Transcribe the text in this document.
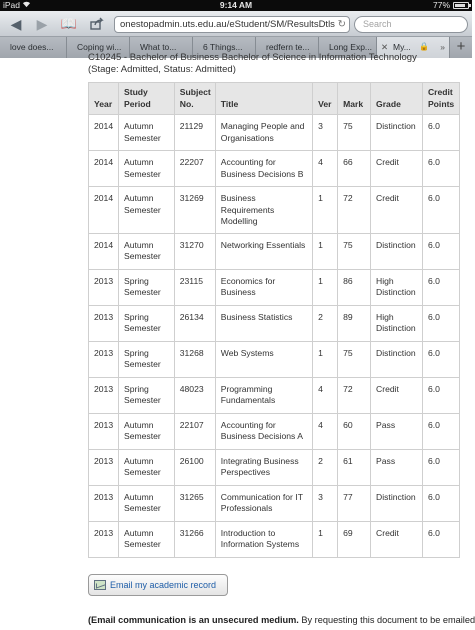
iPad	9:14 AM	77%
◀ ▶ 📖	onestopadmin.uts.edu.au/eStudent/SM/ResultsDtls ↻	Search
love does...	Coping wi...	What to...	6 Things...	redfern te...	Long Exp...	✕ My... 🔒 » +
C10245 - Bachelor of Business Bachelor of Science in Information Technology
(Stage: Admitted, Status: Admitted)
Year	Study Period	Subject No.	Title	Ver	Mark	Grade	Credit Points
2014	Autumn Semester	21129	Managing People and Organisations	3	75	Distinction	6.0
2014	Autumn Semester	22207	Accounting for Business Decisions B	4	66	Credit	6.0
2014	Autumn Semester	31269	Business Requirements Modelling	1	72	Credit	6.0
2014	Autumn Semester	31270	Networking Essentials	1	75	Distinction	6.0
2013	Spring Semester	23115	Economics for Business	1	86	High Distinction	6.0
2013	Spring Semester	26134	Business Statistics	2	89	High Distinction	6.0
2013	Spring Semester	31268	Web Systems	1	75	Distinction	6.0
2013	Spring Semester	48023	Programming Fundamentals	4	72	Credit	6.0
2013	Autumn Semester	22107	Accounting for Business Decisions A	4	60	Pass	6.0
2013	Autumn Semester	26100	Integrating Business Perspectives	2	61	Pass	6.0
2013	Autumn Semester	31265	Communication for IT Professionals	3	77	Distinction	6.0
2013	Autumn Semester	31266	Introduction to Information Systems	1	69	Credit	6.0
Email my academic record
(Email communication is an unsecured medium. By requesting this document to be emailed
